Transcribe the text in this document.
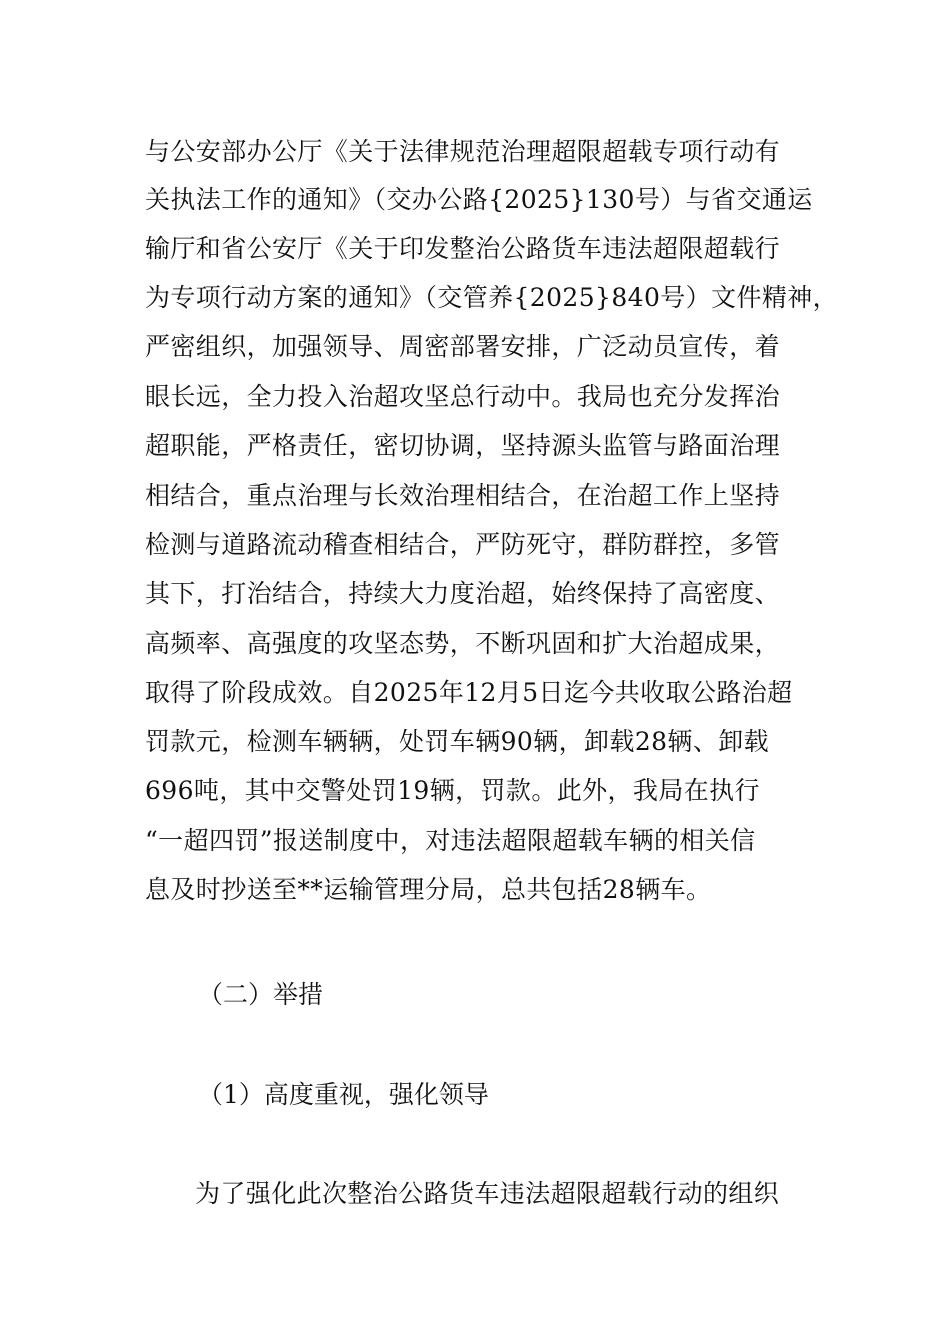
与公安部办公厅《关于法律规范治理超限超载专项行动有
关执法工作的通知》（交办公路{2025}130号）与省交通运
输厅和省公安厅《关于印发整治公路货车违法超限超载行
为专项行动方案的通知》（交管养{2025}840号）文件精神，
严密组织，加强领导、周密部署安排，广泛动员宣传，着
眼长远，全力投入治超攻坚总行动中。我局也充分发挥治
超职能，严格责任，密切协调，坚持源头监管与路面治理
相结合，重点治理与长效治理相结合，在治超工作上坚持
检测与道路流动稽查相结合，严防死守，群防群控，多管
其下，打治结合，持续大力度治超，始终保持了高密度、
高频率、高强度的攻坚态势，不断巩固和扩大治超成果，
取得了阶段成效。自2025年12月5日迄今共收取公路治超
罚款元，检测车辆辆，处罚车辆90辆，卸载28辆、卸载
696吨，其中交警处罚19辆，罚款。此外，我局在执行
“一超四罚”报送制度中，对违法超限超载车辆的相关信
息及时抄送至**运输管理分局，总共包括28辆车。
（二）举措
（1）高度重视，强化领导
为了强化此次整治公路货车违法超限超载行动的组织
